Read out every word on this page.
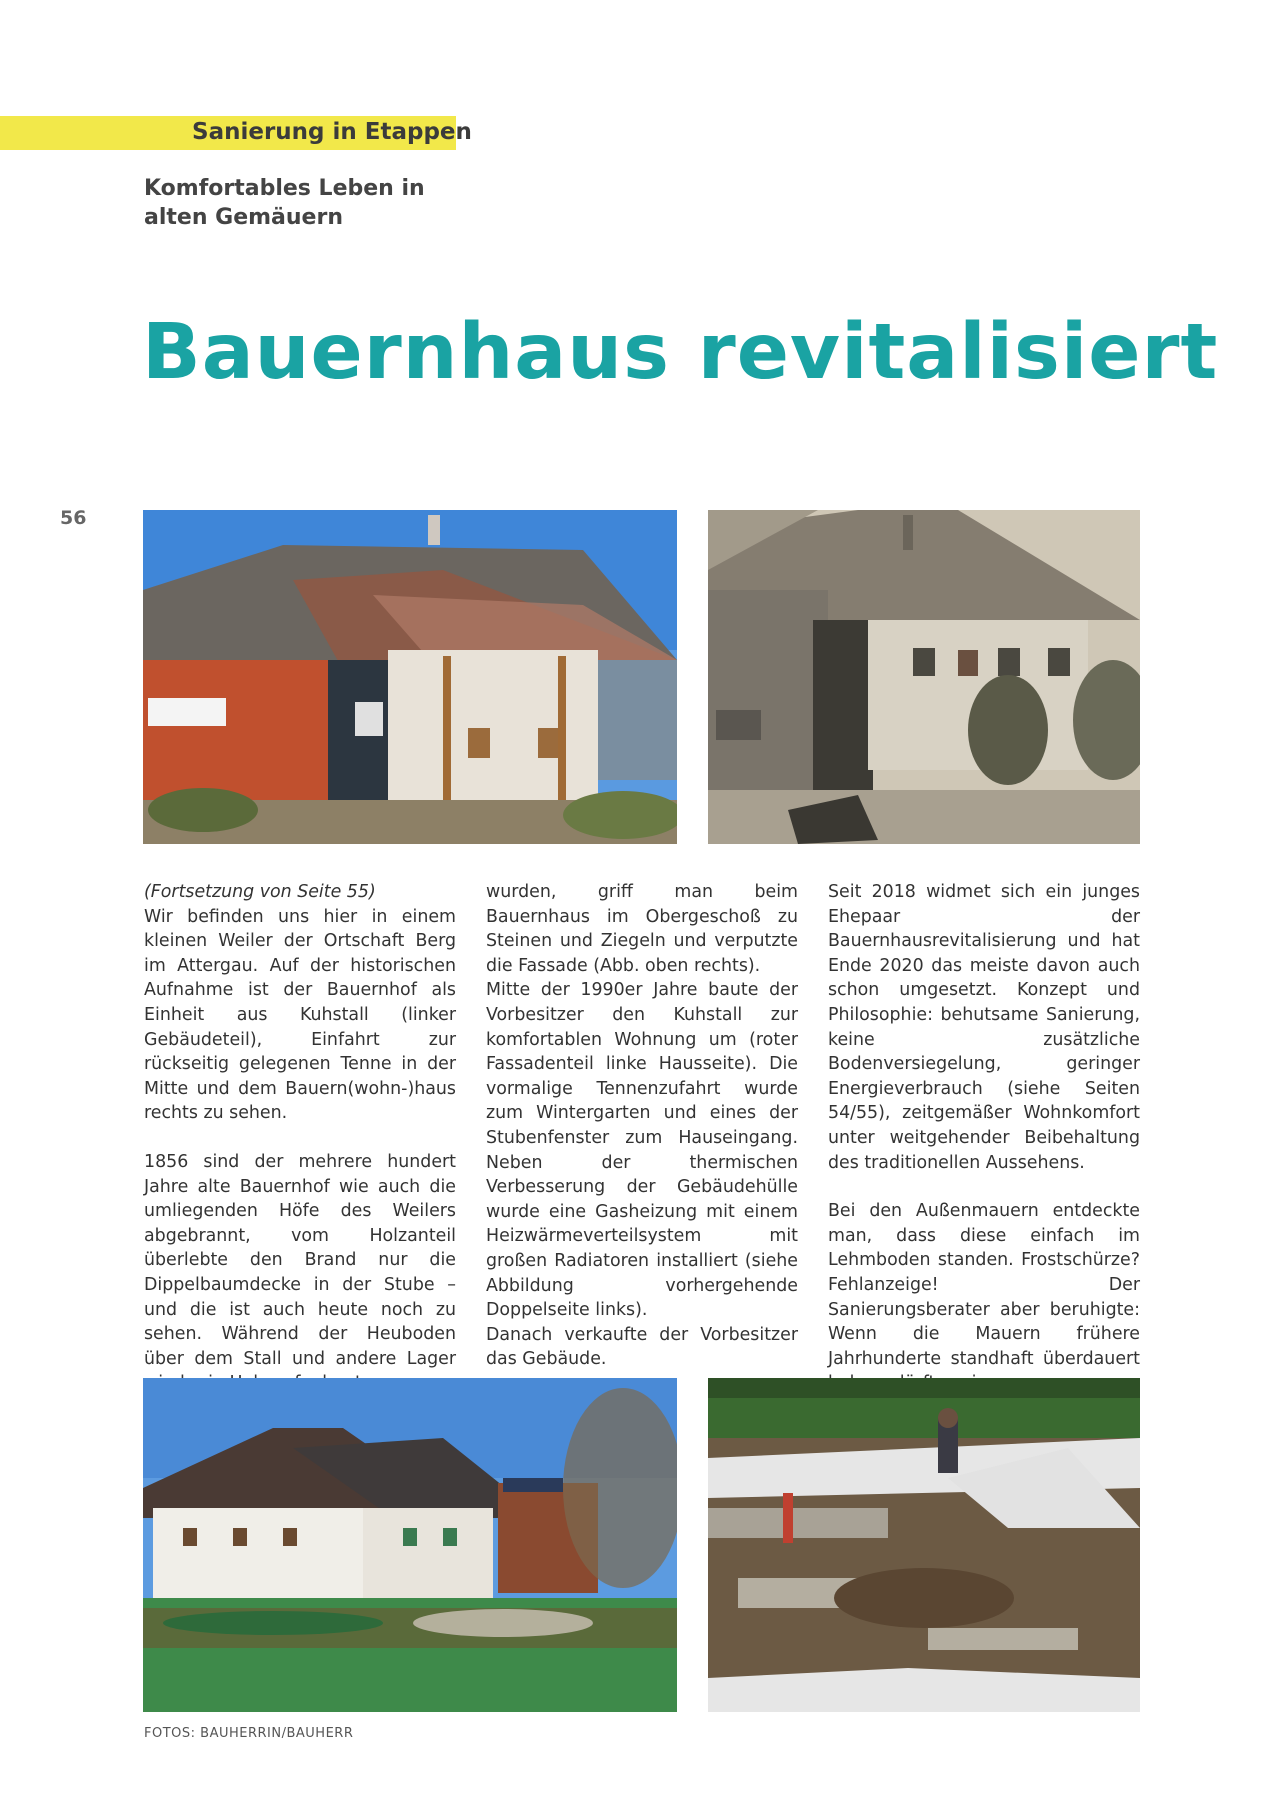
Sanierung in Etappen
Komfortables Leben in
alten Gemäuern
Bauernhaus revitalisiert
56

(Fortsetzung von Seite 55)

Wir befinden uns hier in einem kleinen Weiler der Ortschaft Berg im Attergau. Auf der historischen Aufnahme ist der Bauernhof als Einheit aus Kuhstall (linker Gebäudeteil), Einfahrt zur rückseitig gelegenen Tenne in der Mitte und dem Bauern(wohn-)haus rechts zu sehen.

1856 sind der mehrere hundert Jahre alte Bauernhof wie auch die umliegenden Höfe des Weilers abgebrannt, vom Holzanteil überlebte den Brand nur die Dippelbaumdecke in der Stube – und die ist auch heute noch zu sehen. Während der Heuboden über dem Stall und andere Lager

wurden, griff man beim Bauernhaus im Obergeschoß zu Steinen und Ziegeln und verputzte die Fassade (Abb. oben rechts).

Mitte der 1990er Jahre baute der Vorbesitzer den Kuhstall zur komfortablen Wohnung um (roter Fassadenteil linke Hausseite). Die vormalige Tennenzufahrt wurde zum Wintergarten und eines der Stubenfenster zum Hauseingang. Neben der thermischen Verbesserung der Gebäudehülle wurde eine Gasheizung mit einem Heizwärmeverteilsystem mit großen Radiatoren installiert (siehe Abbildung vorhergehende Doppelseite links).

Danach verkaufte der Vorbesitzer das Gebäude.

Seit 2018 widmet sich ein junges Ehepaar der Bauernhausrevitalisierung und hat Ende 2020 das meiste davon auch schon umgesetzt. Konzept und Philosophie: behutsame Sanierung, keine zusätzliche Bodenversiegelung, geringer Energieverbrauch (siehe Seiten 54/55), zeitgemäßer Wohnkomfort unter weitgehender Beibehaltung des traditionellen Aussehens.

Bei den Außenmauern entdeckte man, dass diese einfach im Lehmboden standen. Frostschürze? Fehlanzeige! Der Sanierungsberater aber beruhigte: Wenn die Mauern frühere Jahrhunderte standhaft überdauert

FOTOS: BAUHERRIN/BAUHERR
